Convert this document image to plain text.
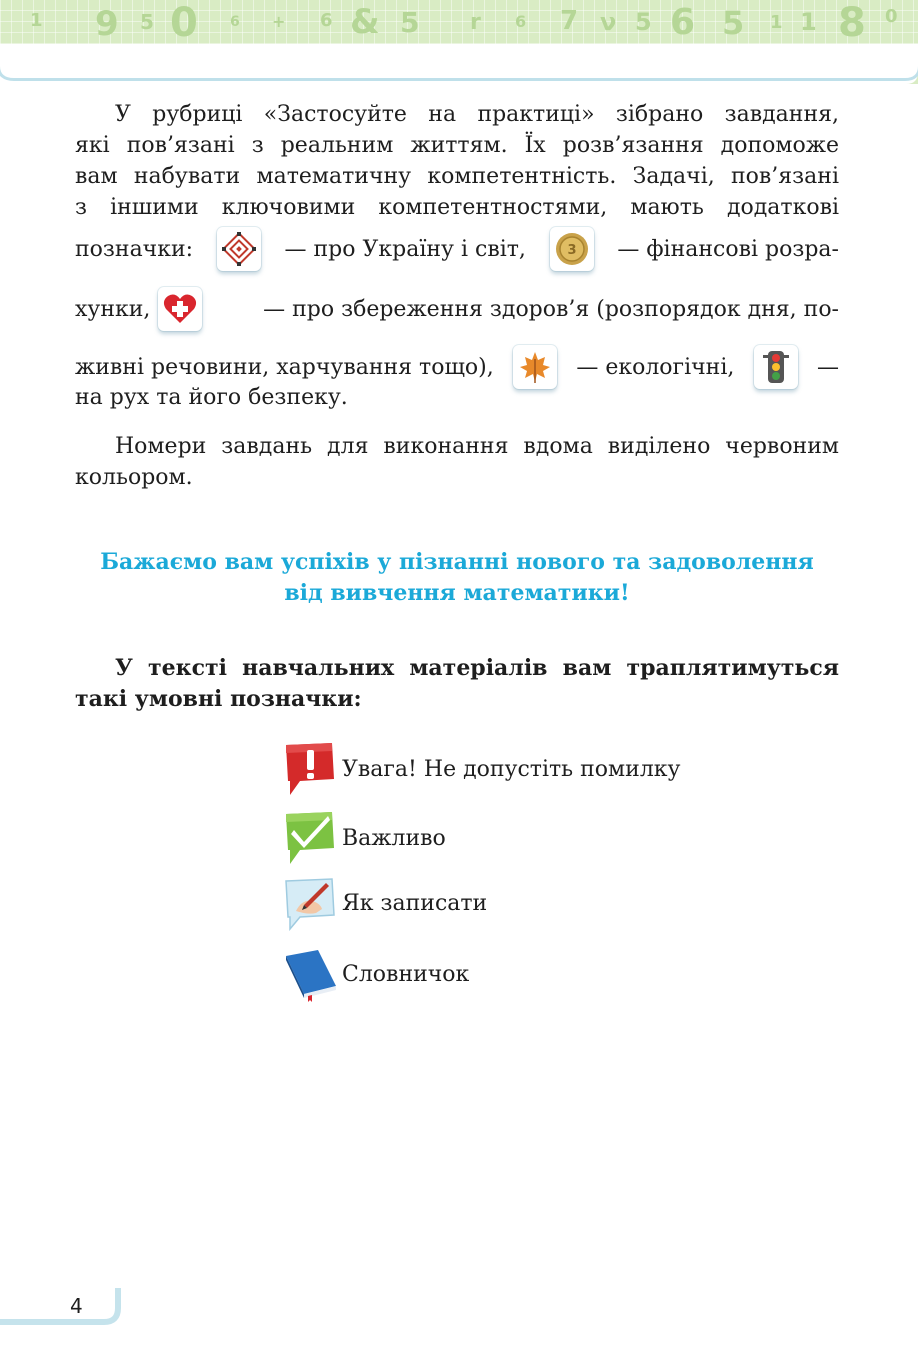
1 9 5 0 6 + 6 & 5 r 6 7 ν 5 6 5 1 1 8 0
У рубриці «Застосуйте на практиці» зібрано завдання,
які пов’язані з реальним життям. Їх розв’язання допоможе
вам набувати математичну компетентність. Задачі, пов’язані
з іншими ключовими компетентностями, мають додаткові
позначки:	— про Україну і світ,	3 — фінансові розра-
хунки,	— про збереження здоров’я (розпорядок дня, по-
живні речовини, харчування тощо),	— екологічні,	—
на рух та його безпеку.
Номери завдань для виконання вдома виділено червоним
кольором.
Бажаємо вам успіхів у пізнанні нового та задоволення
від вивчення математики!
У тексті навчальних матеріалів вам траплятимуться
такі умовні позначки:
Увага! Не допустіть помилку
Важливо
Як записати
Словничок
4
